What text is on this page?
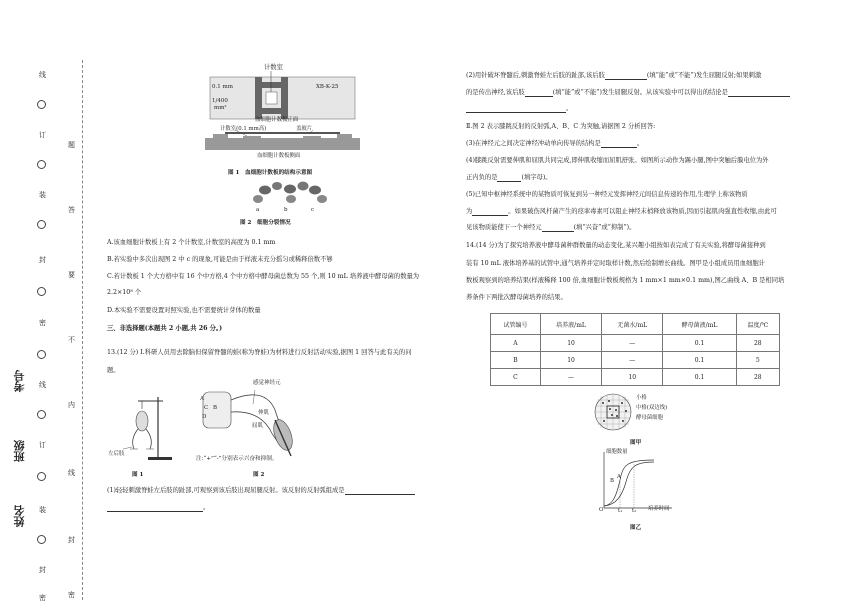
线
订
装
封
密
线
订
装
封
密
题
答
要
不
内
线
封
密
姓名
班级
考号
计数室
0.1 mm
1/400
mm²
XB-K-25
血细胞计数板正面
计数室(0.1 mm高)	盖玻片
血细胞计数板侧面
图 1　血细胞计数板的结构示意图
a	b	c
图 2　细胞分裂情况
A.该血细胞计数板上有 2 个计数室,计数室的高度为 0.1 mm
B.若实验中多次出现图 2 中 c 的现象,可能是由于样液未充分摇匀或稀释倍数不够
C.若计数板 1 个大方格中有 16 个中方格,4 个中方格中酵母菌总数为 55 个,则 10 mL 培养液中酵母菌的数量为
2.2×10⁸ 个
D.本实验不需要设置对照实验,也不需要统计芽体的数量
三、非选择题(本题共 2 小题,共 26 分。)
13.(12 分) Ⅰ.科研人员用去除脑但保留脊髓的蛙(称为脊蛙)为材料进行反射活动实验,据图 1 回答与此有关的问
题。
左后肢
图 1
感觉神经元
A
C B
D
伸肌
屈肌
注:“+”“-”分别表示兴奋和抑制。
图 2
(1)轻轻刺激脊蛙左后肢的趾部,可观察到该后肢出现屈腿反射。该反射的反射弧组成是
。
(2)用针破坏脊髓后,刺激脊蛙左后肢的趾部,该后肢	(填“能”或“不能”)发生屈腿反射;如果刺激
的是传出神经,该后肢	(填“能”或“不能”)发生屈腿反射。从该实验中可以得出的结论是
。
Ⅱ.图 2 表示膝跳反射的反射弧,A、B、C 为突触,请据图 2 分析回答:
(3)在神经元之间决定神经冲动单向传导的结构是	。
(4)膝跳反射需要伸肌和屈肌共同完成,即伸肌收缩而屈肌舒张。如图所示动作为踢小腿,图中突触后膜电位为外
正内负的是	(填字母)。
(5)已知中枢神经系统中的某物质可恢复到另一种经元发挥神经元间信息传递的作用,生理学上称该物质
为	。如果破伤风杆菌产生的痉挛毒素可以阻止神经末梢释放该物质,因而引起肌肉强直性收缩,由此可
见该物质能使下一个神经元	(填“兴奋”或“抑制”)。
14.(14 分)为了探究培养液中酵母菌种群数量的动态变化,某兴趣小组按如表完成了有关实验,将酵母菌接种到
装有 10 mL 液体培养基的试管中,通气培养并定时取样计数,然后绘制增长曲线。图甲是小组成员用血细胞计
数板观察到的培养结果(样液稀释 100 倍,血细胞计数板规格为 1 mm×1 mm×0.1 mm),图乙曲线 A、B 是相同培
养条件下两批次酵母菌培养的结果。
试管编号	培养液/mL	无菌水/mL	酵母菌液/mL	温度/℃
A	10	—	0.1	28
B	10	—	0.1	5
C	—	10	0.1	28
小格
中格(双边线)
酵母菌细胞
图甲
细胞数量
B
A
O	t₁ t₂ 培养时间
图乙
